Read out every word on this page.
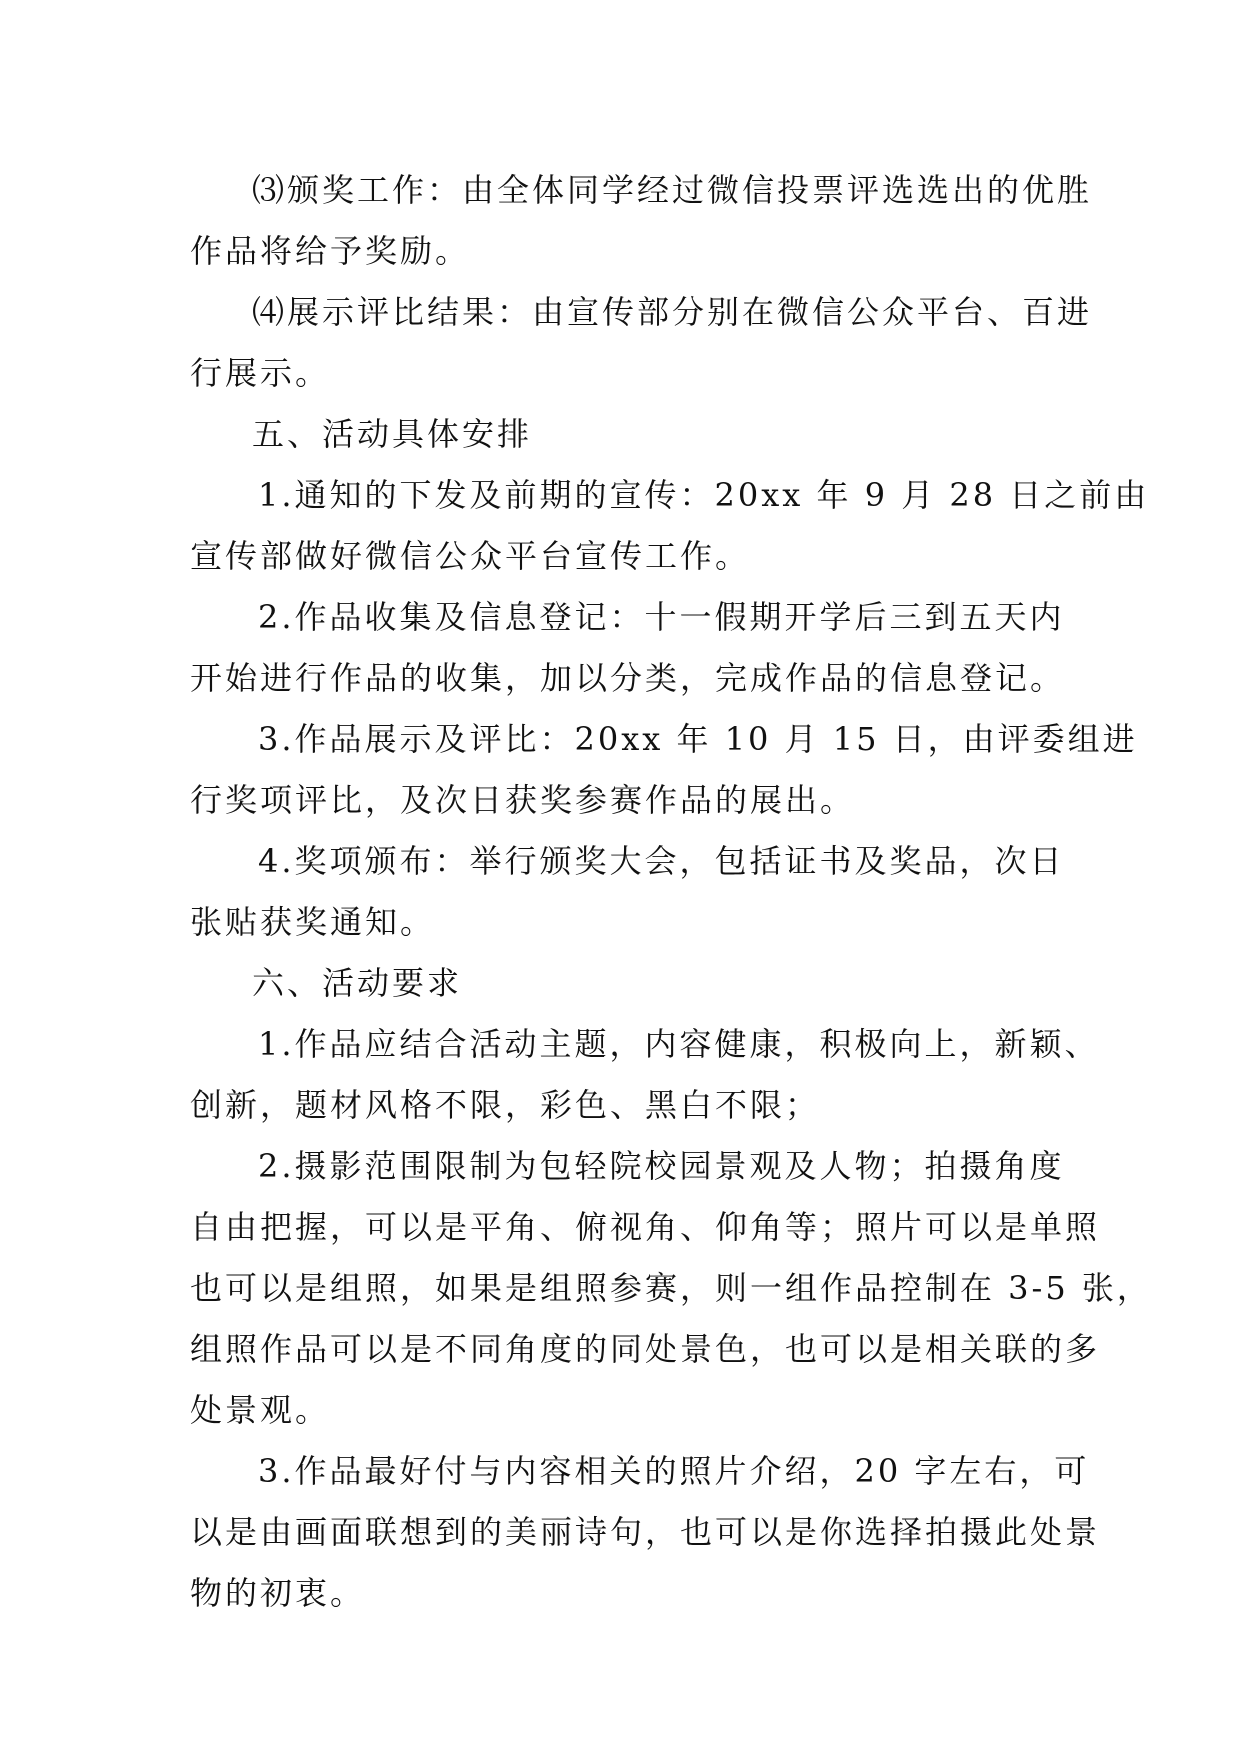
⑶颁奖工作：由全体同学经过微信投票评选选出的优胜
作品将给予奖励。
⑷展示评比结果：由宣传部分别在微信公众平台、百进
行展示。
五、活动具体安排
1.通知的下发及前期的宣传：20xx 年 9 月 28 日之前由
宣传部做好微信公众平台宣传工作。
2.作品收集及信息登记：十一假期开学后三到五天内
开始进行作品的收集，加以分类，完成作品的信息登记。
3.作品展示及评比：20xx 年 10 月 15 日，由评委组进
行奖项评比，及次日获奖参赛作品的展出。
4.奖项颁布：举行颁奖大会，包括证书及奖品，次日
张贴获奖通知。
六、活动要求
1.作品应结合活动主题，内容健康，积极向上，新颖、
创新，题材风格不限，彩色、黑白不限；
2.摄影范围限制为包轻院校园景观及人物；拍摄角度
自由把握，可以是平角、俯视角、仰角等；照片可以是单照
也可以是组照，如果是组照参赛，则一组作品控制在 3-5 张，
组照作品可以是不同角度的同处景色，也可以是相关联的多
处景观。
3.作品最好付与内容相关的照片介绍，20 字左右，可
以是由画面联想到的美丽诗句，也可以是你选择拍摄此处景
物的初衷。
